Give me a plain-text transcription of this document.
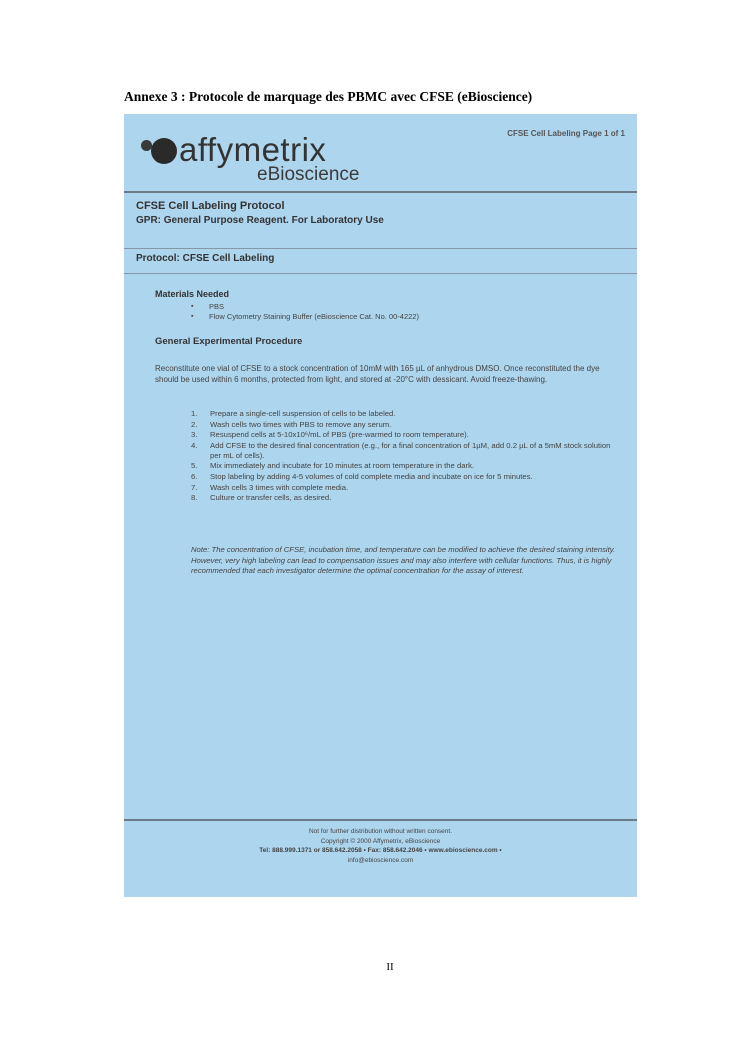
Annexe 3 : Protocole de marquage des PBMC avec CFSE (eBioscience)
affymetrix
eBioscience
CFSE Cell Labeling Page 1 of 1
CFSE Cell Labeling Protocol
GPR: General Purpose Reagent. For Laboratory Use
Protocol: CFSE Cell Labeling
Materials Needed
▪ PBS
▪ Flow Cytometry Staining Buffer (eBioscience Cat. No. 00-4222)
General Experimental Procedure
Reconstitute one vial of CFSE to a stock concentration of 10mM with 165 µL of anhydrous DMSO. Once reconstituted the dye should be used within 6 months, protected from light, and stored at -20°C with dessicant. Avoid freeze-thawing.
1. Prepare a single-cell suspension of cells to be labeled.
2. Wash cells two times with PBS to remove any serum.
3. Resuspend cells at 5-10x10⁶/mL of PBS (pre-warmed to room temperature).
4. Add CFSE to the desired final concentration (e.g., for a final concentration of 1µM, add 0.2 µL of a 5mM stock solution per mL of cells).
5. Mix immediately and incubate for 10 minutes at room temperature in the dark.
6. Stop labeling by adding 4-5 volumes of cold complete media and incubate on ice for 5 minutes.
7. Wash cells 3 times with complete media.
8. Culture or transfer cells, as desired.
Note: The concentration of CFSE, incubation time, and temperature can be modified to achieve the desired staining intensity. However, very high labeling can lead to compensation issues and may also interfere with cellular functions. Thus, it is highly recommended that each investigator determine the optimal concentration for the assay of interest.
Not for further distribution without written consent.
Copyright © 2000 Affymetrix, eBioscience
Tel: 888.999.1371 or 858.642.2058 • Fax: 858.642.2046 • www.ebioscience.com •
info@ebioscience.com
II
